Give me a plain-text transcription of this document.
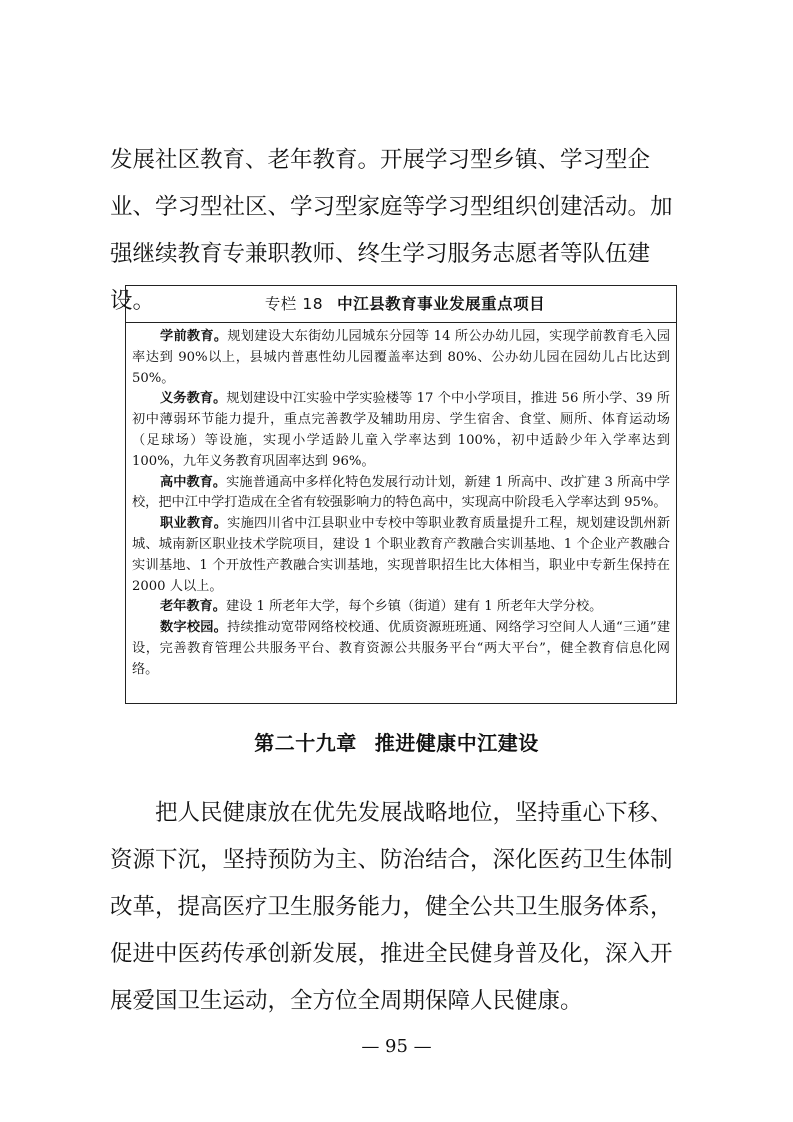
发展社区教育、老年教育。开展学习型乡镇、学习型企业、学习型社区、学习型家庭等学习型组织创建活动。加强继续教育专兼职教师、终生学习服务志愿者等队伍建设。	专栏 18 中江县教育事业发展重点项目

学前教育。规划建设大东街幼儿园城东分园等 14 所公办幼儿园，实现学前教育毛入园率达到 90%以上，县城内普惠性幼儿园覆盖率达到 80%、公办幼儿园在园幼儿占比达到 50%。

义务教育。规划建设中江实验中学实验楼等 17 个中小学项目，推进 56 所小学、39 所初中薄弱环节能力提升，重点完善教学及辅助用房、学生宿舍、食堂、厕所、体育运动场（足球场）等设施，实现小学适龄儿童入学率达到 100%，初中适龄少年入学率达到 100%，九年义务教育巩固率达到 96%。

高中教育。实施普通高中多样化特色发展行动计划，新建 1 所高中、改扩建 3 所高中学校，把中江中学打造成在全省有较强影响力的特色高中，实现高中阶段毛入学率达到 95%。

职业教育。实施四川省中江县职业中专校中等职业教育质量提升工程，规划建设凯州新城、城南新区职业技术学院项目，建设 1 个职业教育产教融合实训基地、1 个企业产教融合实训基地、1 个开放性产教融合实训基地，实现普职招生比大体相当，职业中专新生保持在 2000 人以上。

老年教育。建设 1 所老年大学，每个乡镇（街道）建有 1 所老年大学分校。

数字校园。持续推动宽带网络校校通、优质资源班班通、网络学习空间人人通“三通”建设，完善教育管理公共服务平台、教育资源公共服务平台“两大平台”，健全教育信息化网络。

第二十九章 推进健康中江建设

把人民健康放在优先发展战略地位，坚持重心下移、资源下沉，坚持预防为主、防治结合，深化医药卫生体制改革，提高医疗卫生服务能力，健全公共卫生服务体系，促进中医药传承创新发展，推进全民健身普及化，深入开展爱国卫生运动，全方位全周期保障人民健康。

— 95 —
